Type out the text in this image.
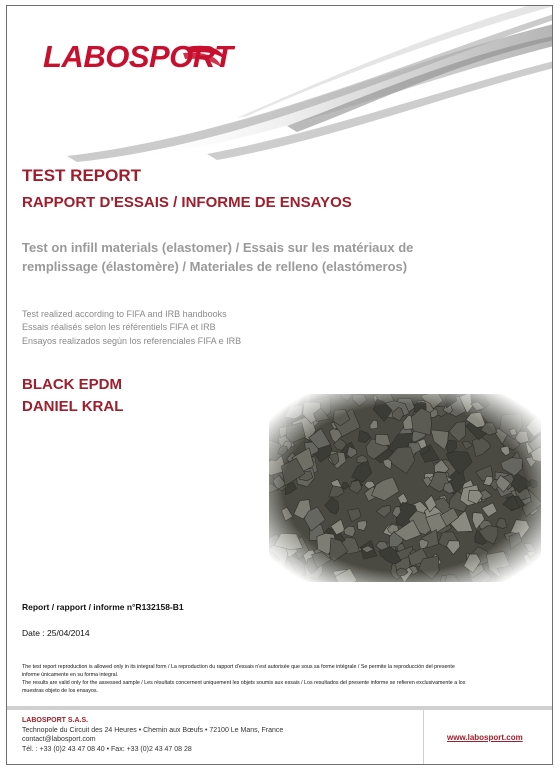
LABOSPORT
TEST REPORT
RAPPORT D'ESSAIS / INFORME DE ENSAYOS
Test on infill materials (elastomer) / Essais sur les matériaux de
remplissage (élastomère) / Materiales de relleno (elastómeros)
Test realized according to FIFA and IRB handbooks
Essais réalisés selon les référentiels FIFA et IRB
Ensayos realizados segùn los referenciales FIFA e IRB
BLACK EPDM
DANIEL KRAL
Report / rapport / informe n°R132158-B1
Date : 25/04/2014
The test report reproduction is allowed only in its integral form / La reproduction du rapport d'essais n'est autorisée que sous sa forme intégrale / Se permite la reproducción del presente
informe únicamente en su forma integral.
The results are valid only for the assessed sample / Les résultats concernent uniquement les objets soumis aux essais / Los resultados del presente informe se refieren exclusivamente a los
muestras objeto de los ensayos.
LABOSPORT S.A.S.
Technopole du Circuit des 24 Heures • Chemin aux Bœufs • 72100 Le Mans, France
contact@labosport.com
Tél. : +33 (0)2 43 47 08 40 • Fax: +33 (0)2 43 47 08 28
www.labosport.com
